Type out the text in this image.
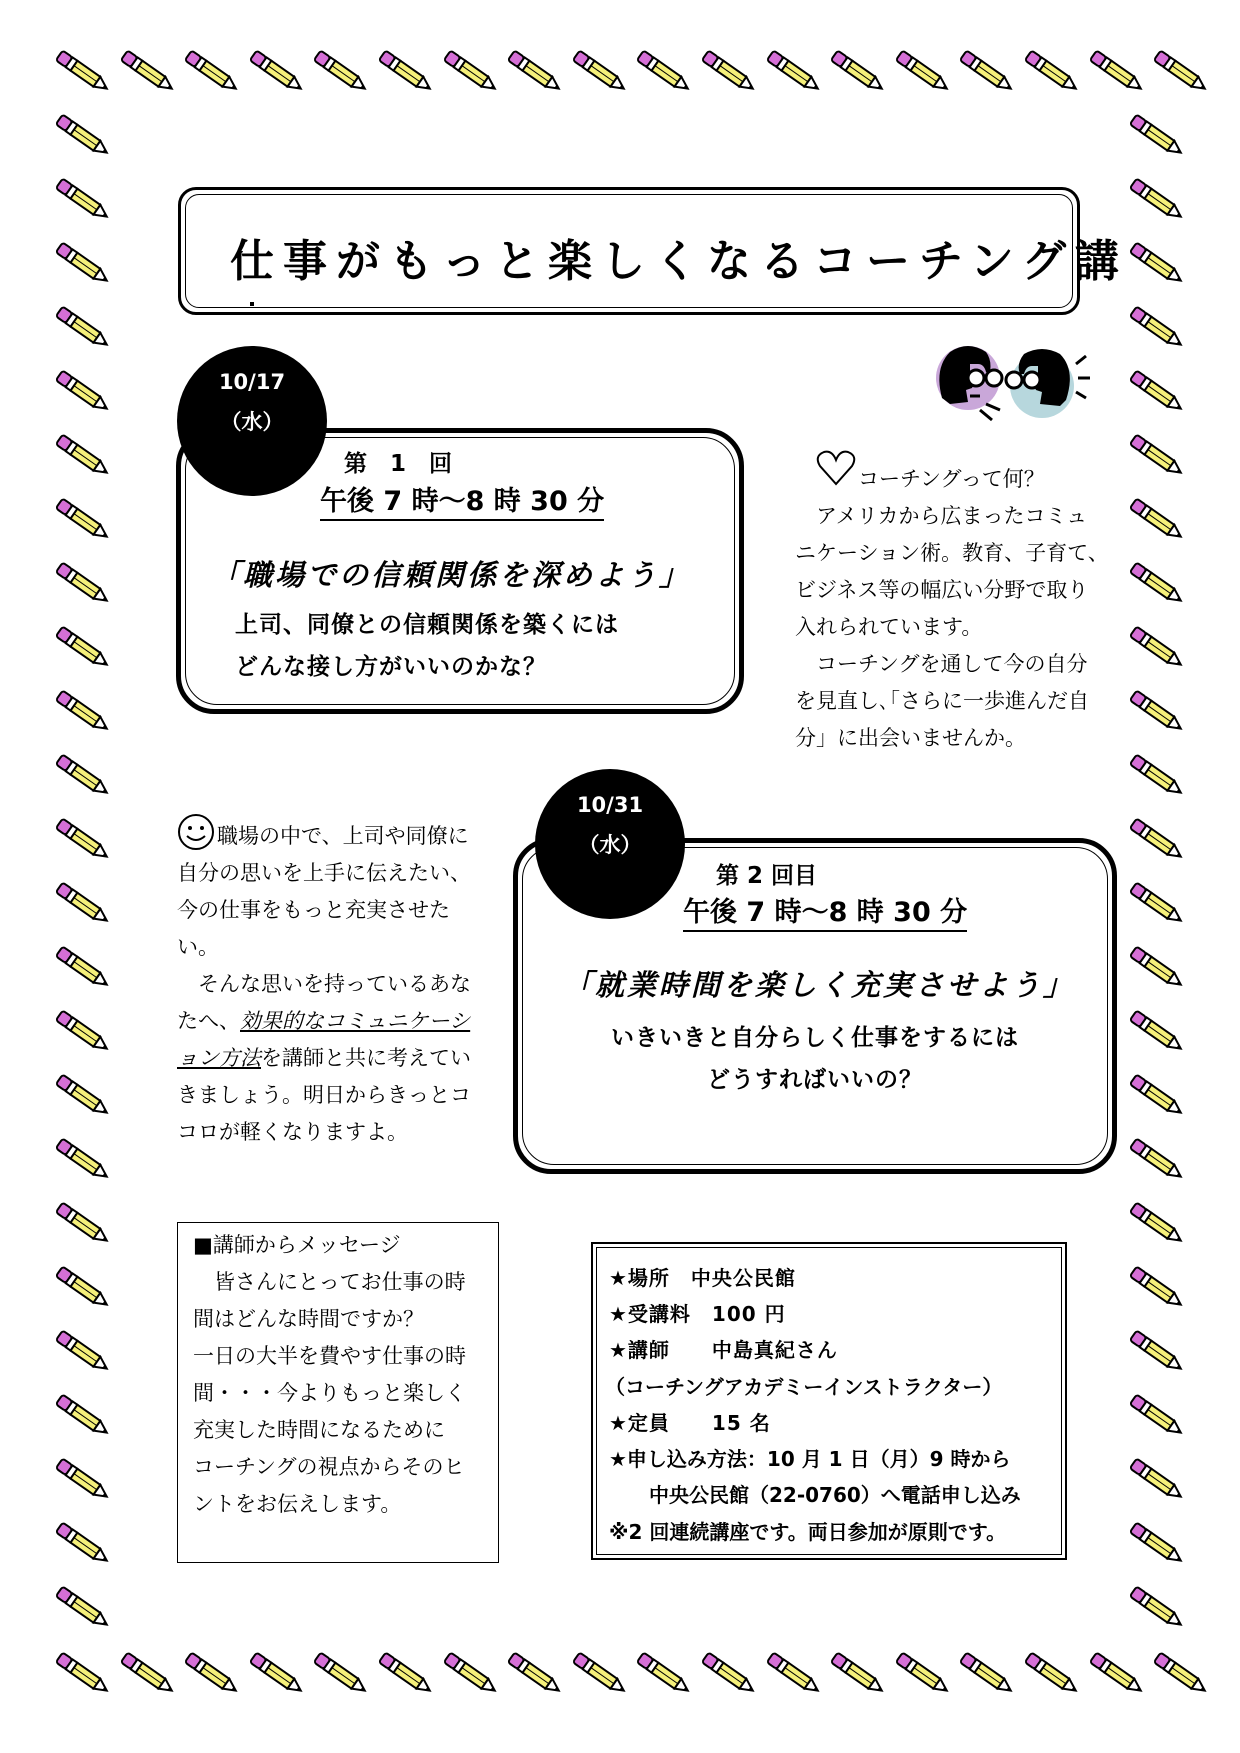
仕事がもっと楽しくなるコーチング講
10/17
（水）
第　1　回
午後 7 時～8 時 30 分
「職場での信頼関係を深めよう」
上司、同僚との信頼関係を築くには
どんな接し方がいいのかな？
コーチングって何？

　アメリカから広まったコミュ

ニケーション術。教育、子育て、

ビジネス等の幅広い分野で取り

入れられています。

　コーチングを通して今の自分

を見直し､｢さらに一歩進んだ自

分」に出会いませんか。

職場の中で、上司や同僚に

自分の思いを上手に伝えたい、

今の仕事をもっと充実させた

い。

　そんな思いを持っているあな

たへ、効果的なコミュニケーシ

ョン方法を講師と共に考えてい

きましょう。明日からきっとコ

コロが軽くなりますよ。

10/31
（水）
第 2 回目
午後 7 時～8 時 30 分
「就業時間を楽しく充実させよう」
いきいきと自分らしく仕事をするには
どうすればいいの？

■講師からメッセージ

　皆さんにとってお仕事の時

間はどんな時間ですか？

一日の大半を費やす仕事の時

間・・・今よりもっと楽しく

充実した時間になるために

コーチングの視点からそのヒ

ントをお伝えします。

★場所　中央公民館
★受講料　100 円
★講師　　中島真紀さん
（コーチングアカデミーインストラクター）
★定員　　15 名
★申し込み方法：10 月 1 日（月）9 時から
　　中央公民館（22-0760）へ電話申し込み
※2 回連続講座です。両日参加が原則です。
